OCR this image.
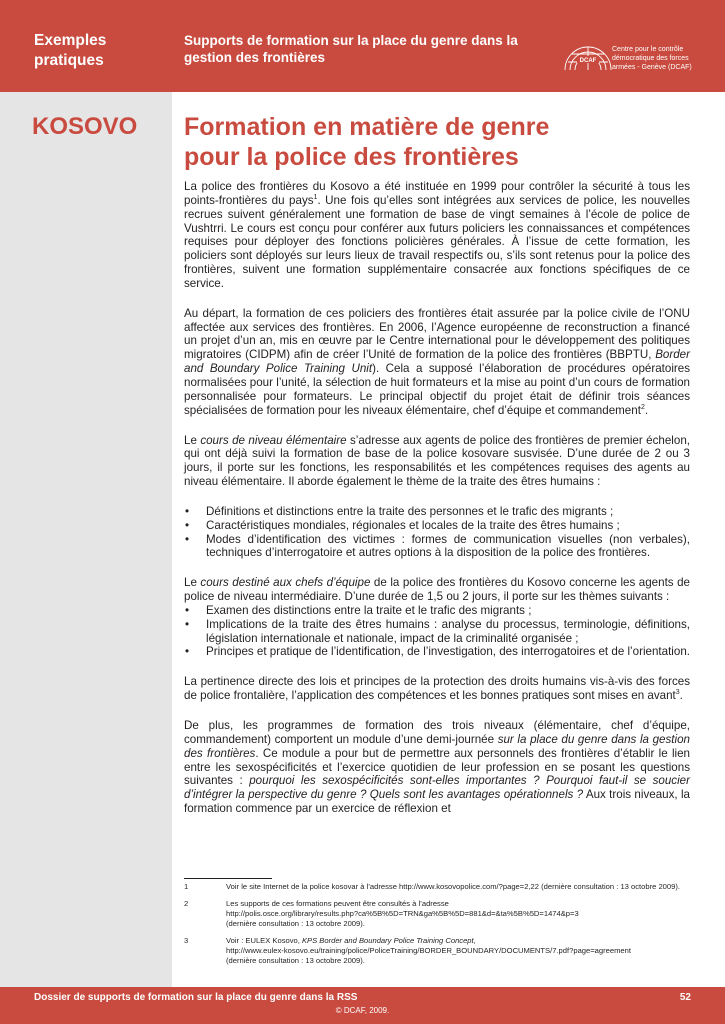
Exemples pratiques
Supports de formation sur la place du genre dans la gestion des frontières	DCAF
Centre pour le contrôle
démocratique des forces
armées - Genève (DCAF)
KOSOVO Formation en matière de genre
pour la police des frontières

La police des frontières du Kosovo a été instituée en 1999 pour contrôler la sécurité à tous les points-frontières du pays$^1$. Une fois qu’elles sont intégrées aux services de police, les nouvelles recrues suivent généralement une formation de base de vingt semaines à l’école de police de Vushtrri. Le cours est conçu pour conférer aux futurs policiers les connaissances et compétences requises pour déployer des fonctions policières générales. À l’issue de cette formation, les policiers sont déployés sur leurs lieux de travail respectifs ou, s’ils sont retenus pour la police des frontières, suivent une formation supplémentaire consacrée aux fonctions spécifiques de ce service.

Au départ, la formation de ces policiers des frontières était assurée par la police civile de l’ONU affectée aux services des frontières. En 2006, l’Agence européenne de reconstruction a financé un projet d’un an, mis en œuvre par le Centre international pour le développement des politiques migratoires (CIDPM) afin de créer l’Unité de formation de la police des frontières (BBPTU, Border and Boundary Police Training Unit). Cela a supposé l’élaboration de procédures opératoires normalisées pour l’unité, la sélection de huit formateurs et la mise au point d’un cours de formation personnalisée pour formateurs. Le principal objectif du projet était de définir trois séances spécialisées de formation pour les niveaux élémentaire, chef d’équipe et commandement$^2$.

Le cours de niveau élémentaire s’adresse aux agents de police des frontières de premier échelon, qui ont déjà suivi la formation de base de la police kosovare susvisée. D’une durée de 2 ou 3 jours, il porte sur les fonctions, les responsabilités et les compétences requises des agents au niveau élémentaire. Il aborde également le thème de la traite des êtres humains :

• Définitions et distinctions entre la traite des personnes et le trafic des migrants ;
• Caractéristiques mondiales, régionales et locales de la traite des êtres humains ;
• Modes d’identification des victimes : formes de communication visuelles (non verbales), techniques d’interrogatoire et autres options à la disposition de la police des frontières.

Le cours destiné aux chefs d’équipe de la police des frontières du Kosovo concerne les agents de police de niveau intermédiaire. D’une durée de 1,5 ou 2 jours, il porte sur les thèmes suivants :

• Examen des distinctions entre la traite et le trafic des migrants ;
• Implications de la traite des êtres humains : analyse du processus, terminologie, définitions, législation internationale et nationale, impact de la criminalité organisée ;
• Principes et pratique de l’identification, de l’investigation, des interrogatoires et de l’orientation.

La pertinence directe des lois et principes de la protection des droits humains vis-à-vis des forces de police frontalière, l’application des compétences et les bonnes pratiques sont mises en avant$^3$.

De plus, les programmes de formation des trois niveaux (élémentaire, chef d’équipe, commandement) comportent un module d’une demi-journée sur la place du genre dans la gestion des frontières. Ce module a pour but de permettre aux personnels des frontières d’établir le lien entre les sexospécificités et l’exercice quotidien de leur profession en se posant les questions suivantes : pourquoi les sexospécificités sont-elles importantes ? Pourquoi faut-il se soucier d’intégrer la perspective du genre ? Quels sont les avantages opérationnels ? Aux trois niveaux, la formation commence par un exercice de réflexion et

1	Voir le site Internet de la police kosovar à l’adresse http://www.kosovopolice.com/?page=2,22 (dernière consultation : 13 octobre 2009).
2	Les supports de ces formations peuvent être consultés à l’adresse
http://polis.osce.org/library/results.php?ca%5B%5D=TRN&ga%5B%5D=881&d=&ta%5B%5D=1474&p=3
(dernière consultation : 13 octobre 2009).
3	Voir : EULEX Kosovo, KPS Border and Boundary Police Training Concept,
http://www.eulex-kosovo.eu/training/police/PoliceTraining/BORDER_BOUNDARY/DOCUMENTS/7.pdf?page=agreement
(dernière consultation : 13 octobre 2009).
Dossier de supports de formation sur la place du genre dans la RSS	52
© DCAF, 2009.
